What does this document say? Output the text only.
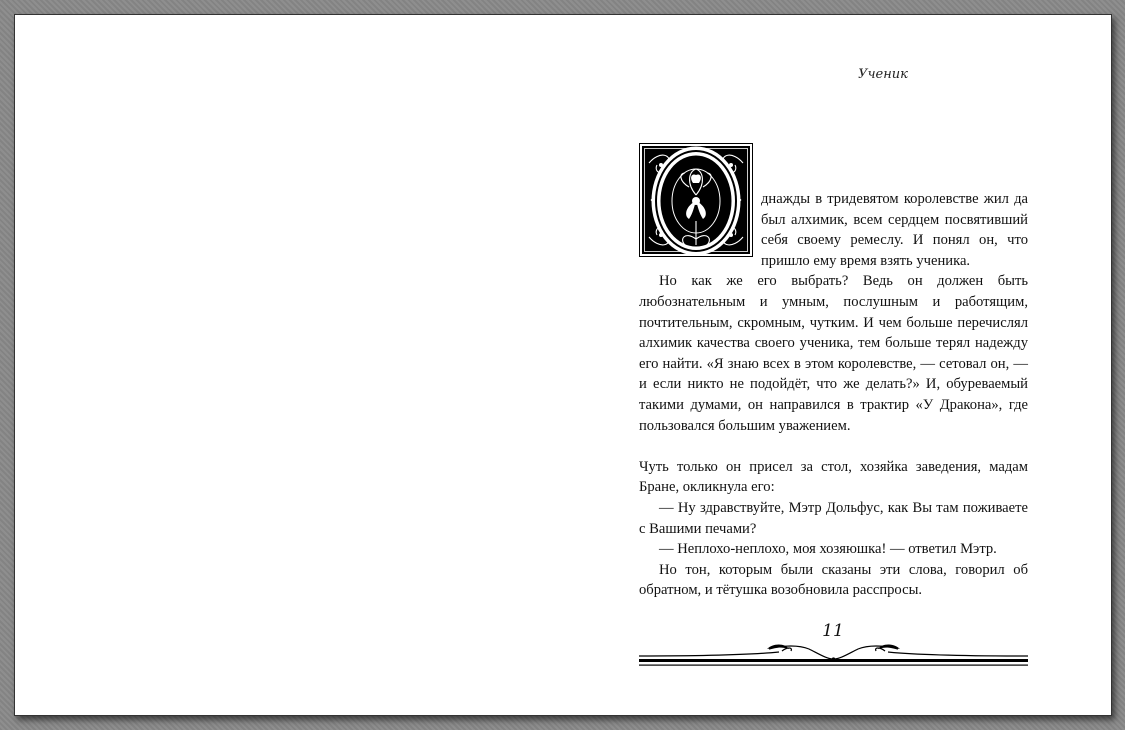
Ученик

днажды в тридевятом королевстве жил да был алхимик, всем сердцем посвятивший себя своему ремеслу. И понял он, что пришло ему время взять ученика.

Но как же его выбрать? Ведь он должен быть любознательным и умным, послушным и работящим, почтительным, скромным, чутким. И чем больше перечислял алхимик качества своего ученика, тем больше терял надежду его найти. «Я знаю всех в этом королевстве, — сетовал он, — и если никто не подойдёт, что же делать?» И, обуреваемый такими думами, он направился в трактир «У Дракона», где пользовался большим уважением.

Чуть только он присел за стол, хозяйка заведения, мадам Бране, окликнула его:

— Ну здравствуйте, Мэтр Дольфус, как Вы там поживаете с Вашими печами?

— Неплохо-неплохо, моя хозяюшка! — ответил Мэтр.

Но тон, которым были сказаны эти слова, говорил об обратном, и тётушка возобновила расспросы.

11
